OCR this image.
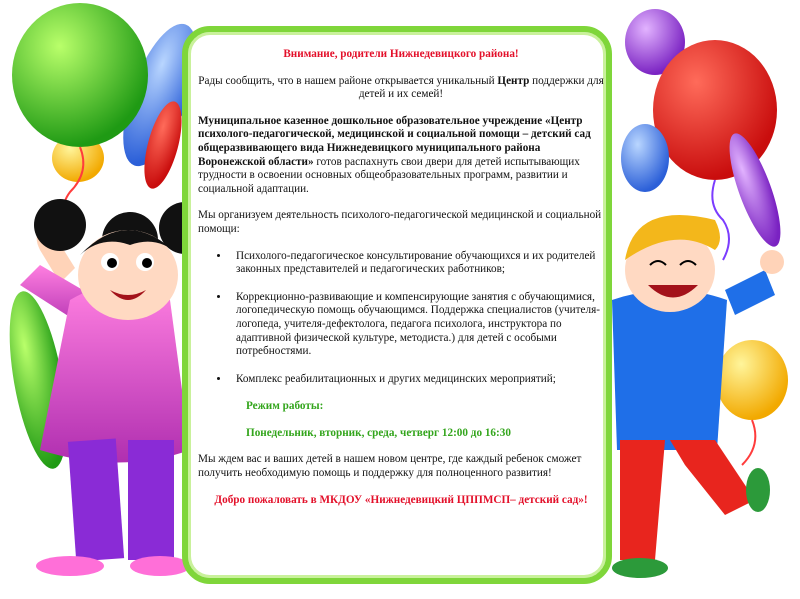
Внимание, родители Нижнедевицкого района!

Рады сообщить, что в нашем районе открывается уникальный Центр поддержки для детей и их семей!

Муниципальное казенное дошкольное образовательное учреждение «Центр психолого-педагогической, медицинской и социальной помощи – детский сад общеразвивающего вида Нижнедевицкого муниципального района Воронежской области» готов распахнуть свои двери для детей испытывающих трудности в освоении основных общеобразовательных программ, развитии и социальной адаптации.

Мы организуем деятельность психолого-педагогической медицинской и социальной помощи:

• Психолого-педагогическое консультирование обучающихся и их родителей законных представителей и педагогических работников;
• Коррекционно-развивающие и компенсирующие занятия с обучающимися, логопедическую помощь обучающимся. Поддержка специалистов (учителя-логопеда, учителя-дефектолога, педагога психолога, инструктора по адаптивной физической культуре, методиста.) для детей с особыми потребностями.
• Комплекс реабилитационных и других медицинских мероприятий;

Режим работы:

Понедельник, вторник, среда, четверг 12:00 до 16:30

Мы ждем вас и ваших детей в нашем новом центре, где каждый ребенок сможет получить необходимую помощь и поддержку для полноценного развития!

Добро пожаловать в МКДОУ «Нижнедевицкий ЦППМСП– детский сад»!
